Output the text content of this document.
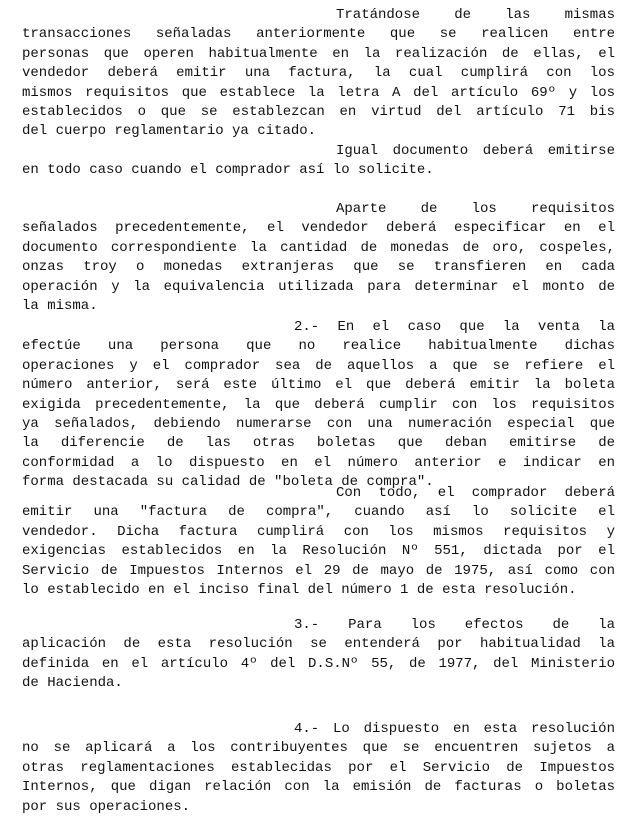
Tratándose de las mismas
transacciones señaladas anteriormente que se realicen entre
personas que operen habitualmente en la realización de ellas, el
vendedor deberá emitir una factura, la cual cumplirá con los
mismos requisitos que establece la letra A del artículo 69º y los
establecidos o que se establezcan en virtud del artículo 71 bis
del cuerpo reglamentario ya citado.
Igual documento deberá emitirse
en todo caso cuando el comprador así lo solicite.
Aparte de los requisitos
señalados precedentemente, el vendedor deberá especificar en el
documento correspondiente la cantidad de monedas de oro, cospeles,
onzas troy o monedas extranjeras que se transfieren en cada
operación y la equivalencia utilizada para determinar el monto de
la misma.
2.- En el caso que la venta la
efectúe una persona que no realice habitualmente dichas
operaciones y el comprador sea de aquellos a que se refiere el
número anterior, será este último el que deberá emitir la boleta
exigida precedentemente, la que deberá cumplir con los requisitos
ya señalados, debiendo numerarse con una numeración especial que
la diferencie de las otras boletas que deban emitirse de
conformidad a lo dispuesto en el número anterior e indicar en
forma destacada su calidad de "boleta de compra".
Con todo, el comprador deberá
emitir una "factura de compra", cuando así lo solicite el
vendedor. Dicha factura cumplirá con los mismos requisitos y
exigencias establecidos en la Resolución Nº 551, dictada por el
Servicio de Impuestos Internos el 29 de mayo de 1975, así como con
lo establecido en el inciso final del número 1 de esta resolución.
3.- Para los efectos de la
aplicación de esta resolución se entenderá por habitualidad la
definida en el artículo 4º del D.S.Nº 55, de 1977, del Ministerio
de Hacienda.
4.- Lo dispuesto en esta resolución
no se aplicará a los contribuyentes que se encuentren sujetos a
otras reglamentaciones establecidas por el Servicio de Impuestos
Internos, que digan relación con la emisión de facturas o boletas
por sus operaciones.
